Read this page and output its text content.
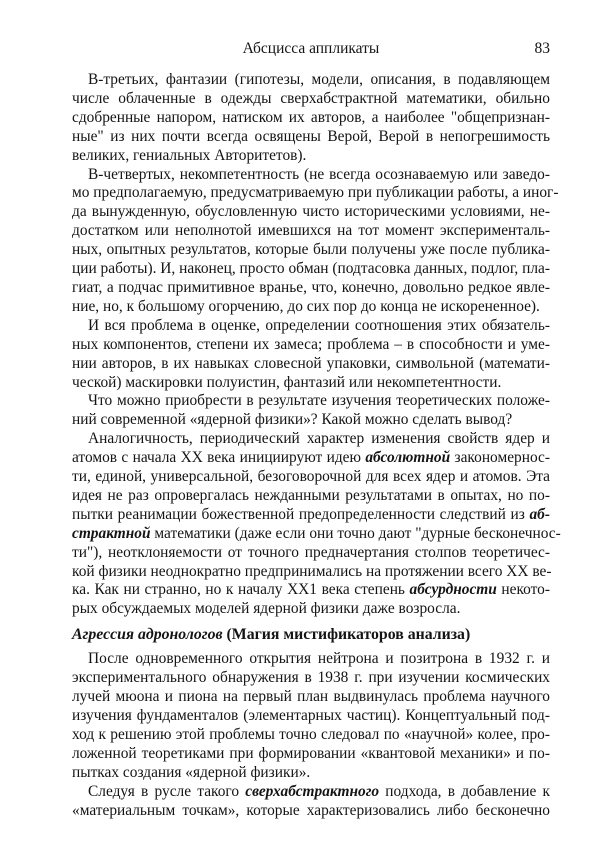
Абсцисса аппликаты	83

В-третьих, фантазии (гипотезы, модели, описания, в подавляющем
числе облаченные в одежды сверхабстрактной математики, обильно
сдобренные напором, натиском их авторов, а наиболее "общепризнан-
ные" из них почти всегда освящены Верой, Верой в непогрешимость
великих, гениальных Авторитетов).

В-четвертых, некомпетентность (не всегда осознаваемую или заведо-
мо предполагаемую, предусматриваемую при публикации работы, а иног-
да вынужденную, обусловленную чисто историческими условиями, не-
достатком или неполнотой имевшихся на тот момент эксперименталь-
ных, опытных результатов, которые были получены уже после публика-
ции работы). И, наконец, просто обман (подтасовка данных, подлог, пла-
гиат, а подчас примитивное вранье, что, конечно, довольно редкое явле-
ние, но, к большому огорчению, до сих пор до конца не искорененное).

И вся проблема в оценке, определении соотношения этих обязатель-
ных компонентов, степени их замеса; проблема – в способности и уме-
нии авторов, в их навыках словесной упаковки, символьной (математи-
ческой) маскировки полуистин, фантазий или некомпетентности.

Что можно приобрести в результате изучения теоретических положе-
ний современной «ядерной физики»? Какой можно сделать вывод?

Аналогичность, периодический характер изменения свойств ядер и
атомов с начала XX века инициируют идею абсолютной закономернос-
ти, единой, универсальной, безоговорочной для всех ядер и атомов. Эта
идея не раз опровергалась нежданными результатами в опытах, но по-
пытки реанимации божественной предопределенности следствий из аб-
страктной математики (даже если они точно дают "дурные бесконечнос-
ти"), неотклоняемости от точного предначертания столпов теоретичес-
кой физики неоднократно предпринимались на протяжении всего XX ве-
ка. Как ни странно, но к началу XX1 века степень абсурдности некото-
рых обсуждаемых моделей ядерной физики даже возросла.

Агрессия адронологов (Магия мистификаторов анализа)

После одновременного открытия нейтрона и позитрона в 1932 г. и
экспериментального обнаружения в 1938 г. при изучении космических
лучей мюона и пиона на первый план выдвинулась проблема научного
изучения фундаменталов (элементарных частиц). Концептуальный под-
ход к решению этой проблемы точно следовал по «научной» колее, про-
ложенной теоретиками при формировании «квантовой механики» и по-
пытках создания «ядерной физики».

Следуя в русле такого сверхабстрактного подхода, в добавление к
«материальным точкам», которые характеризовались либо бесконечно
